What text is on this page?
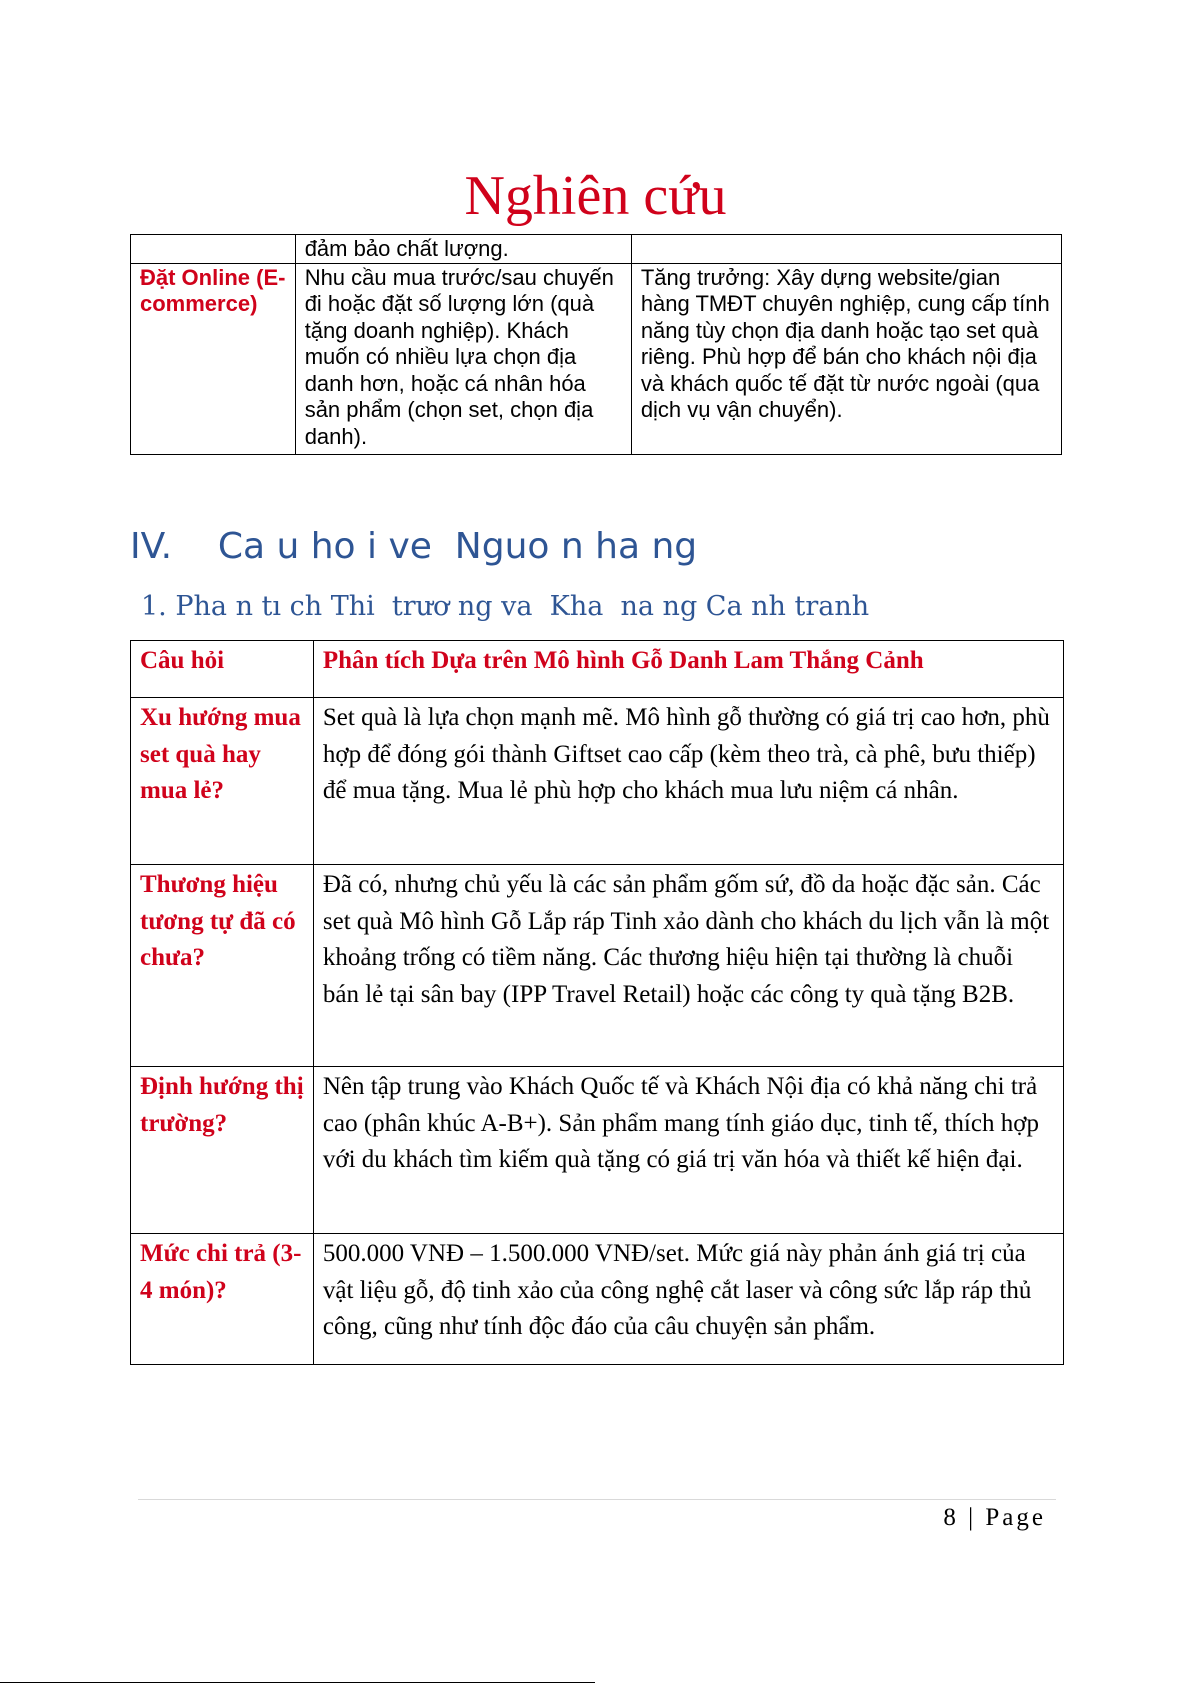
Nghiên cứu
	đảm bảo chất lượng.	
Đặt Online (E-commerce)	Nhu cầu mua trước/sau chuyến đi hoặc đặt số lượng lớn (quà tặng doanh nghiệp). Khách muốn có nhiều lựa chọn địa danh hơn, hoặc cá nhân hóa sản phẩm (chọn set, chọn địa danh).	Tăng trưởng: Xây dựng website/gian hàng TMĐT chuyên nghiệp, cung cấp tính năng tùy chọn địa danh hoặc tạo set quà riêng. Phù hợp để bán cho khách nội địa và khách quốc tế đặt từ nước ngoài (qua dịch vụ vận chuyển).
IV. Ca u ho i ve  Nguo n ha ng
1. Pha n tı ch Thi  trươ ng va  Kha  na ng Ca nh tranh
Câu hỏi	Phân tích Dựa trên Mô hình Gỗ Danh Lam Thắng Cảnh
Xu hướng mua set quà hay mua lẻ?	Set quà là lựa chọn mạnh mẽ. Mô hình gỗ thường có giá trị cao hơn, phù hợp để đóng gói thành Giftset cao cấp (kèm theo trà, cà phê, bưu thiếp) để mua tặng. Mua lẻ phù hợp cho khách mua lưu niệm cá nhân.
Thương hiệu tương tự đã có chưa?	Đã có, nhưng chủ yếu là các sản phẩm gốm sứ, đồ da hoặc đặc sản. Các set quà Mô hình Gỗ Lắp ráp Tinh xảo dành cho khách du lịch vẫn là một khoảng trống có tiềm năng. Các thương hiệu hiện tại thường là chuỗi bán lẻ tại sân bay (IPP Travel Retail) hoặc các công ty quà tặng B2B.
Định hướng thị trường?	Nên tập trung vào Khách Quốc tế và Khách Nội địa có khả năng chi trả cao (phân khúc A-B+). Sản phẩm mang tính giáo dục, tinh tế, thích hợp với du khách tìm kiếm quà tặng có giá trị văn hóa và thiết kế hiện đại.
Mức chi trả (3-4 món)?	500.000 VNĐ – 1.500.000 VNĐ/set. Mức giá này phản ánh giá trị của vật liệu gỗ, độ tinh xảo của công nghệ cắt laser và công sức lắp ráp thủ công, cũng như tính độc đáo của câu chuyện sản phẩm.
8 | Page
